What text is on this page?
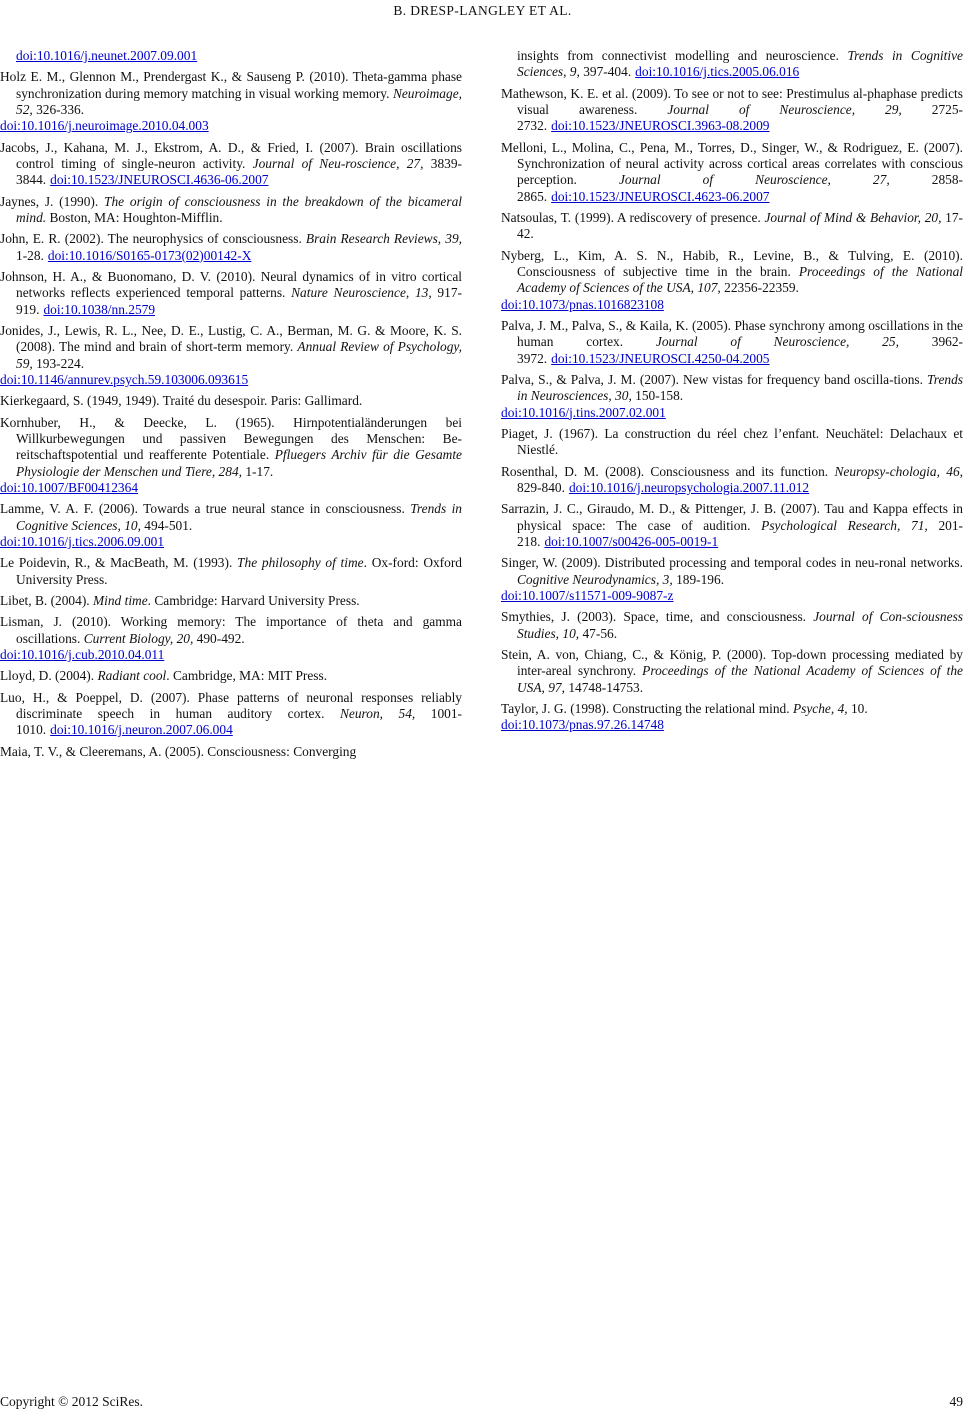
B. DRESP-LANGLEY ET AL.

doi:10.1016/j.neunet.2007.09.001

Holz E. M., Glennon M., Prendergast K., & Sauseng P. (2010). Theta-gamma phase synchronization during memory matching in visual working memory. Neuroimage, 52, 326-336.
doi:10.1016/j.neuroimage.2010.04.003

Jacobs, J., Kahana, M. J., Ekstrom, A. D., & Fried, I. (2007). Brain oscillations control timing of single-neuron activity. Journal of Neu-roscience, 27, 3839-3844. doi:10.1523/JNEUROSCI.4636-06.2007

Jaynes, J. (1990). The origin of consciousness in the breakdown of the bicameral mind. Boston, MA: Houghton-Mifflin.

John, E. R. (2002). The neurophysics of consciousness. Brain Research Reviews, 39, 1-28. doi:10.1016/S0165-0173(02)00142-X

Johnson, H. A., & Buonomano, D. V. (2010). Neural dynamics of in vitro cortical networks reflects experienced temporal patterns. Nature Neuroscience, 13, 917-919. doi:10.1038/nn.2579

Jonides, J., Lewis, R. L., Nee, D. E., Lustig, C. A., Berman, M. G. & Moore, K. S. (2008). The mind and brain of short-term memory. Annual Review of Psychology, 59, 193-224.
doi:10.1146/annurev.psych.59.103006.093615

Kierkegaard, S. (1949, 1949). Traité du desespoir. Paris: Gallimard.

Kornhuber, H., & Deecke, L. (1965). Hirnpotentialänderungen bei Willkurbewegungen und passiven Bewegungen des Menschen: Be-reitschaftspotential und reafferente Potentiale. Pfluegers Archiv für die Gesamte Physiologie der Menschen und Tiere, 284, 1-17.
doi:10.1007/BF00412364

Lamme, V. A. F. (2006). Towards a true neural stance in consciousness. Trends in Cognitive Sciences, 10, 494-501.
doi:10.1016/j.tics.2006.09.001

Le Poidevin, R., & MacBeath, M. (1993). The philosophy of time. Ox-ford: Oxford University Press.

Libet, B. (2004). Mind time. Cambridge: Harvard University Press.

Lisman, J. (2010). Working memory: The importance of theta and gamma oscillations. Current Biology, 20, 490-492.
doi:10.1016/j.cub.2010.04.011

Lloyd, D. (2004). Radiant cool. Cambridge, MA: MIT Press.

Luo, H., & Poeppel, D. (2007). Phase patterns of neuronal responses reliably discriminate speech in human auditory cortex. Neuron, 54, 1001-1010. doi:10.1016/j.neuron.2007.06.004

Maia, T. V., & Cleeremans, A. (2005). Consciousness: Converging

insights from connectivist modelling and neuroscience. Trends in Cognitive Sciences, 9, 397-404. doi:10.1016/j.tics.2005.06.016

Mathewson, K. E. et al. (2009). To see or not to see: Prestimulus al-phaphase predicts visual awareness. Journal of Neuroscience, 29, 2725-2732. doi:10.1523/JNEUROSCI.3963-08.2009

Melloni, L., Molina, C., Pena, M., Torres, D., Singer, W., & Rodriguez, E. (2007). Synchronization of neural activity across cortical areas correlates with conscious perception. Journal of Neuroscience, 27, 2858-2865. doi:10.1523/JNEUROSCI.4623-06.2007

Natsoulas, T. (1999). A rediscovery of presence. Journal of Mind & Behavior, 20, 17-42.

Nyberg, L., Kim, A. S. N., Habib, R., Levine, B., & Tulving, E. (2010). Consciousness of subjective time in the brain. Proceedings of the National Academy of Sciences of the USA, 107, 22356-22359.
doi:10.1073/pnas.1016823108

Palva, J. M., Palva, S., & Kaila, K. (2005). Phase synchrony among oscillations in the human cortex. Journal of Neuroscience, 25, 3962-3972. doi:10.1523/JNEUROSCI.4250-04.2005

Palva, S., & Palva, J. M. (2007). New vistas for frequency band oscilla-tions. Trends in Neurosciences, 30, 150-158.
doi:10.1016/j.tins.2007.02.001

Piaget, J. (1967). La construction du réel chez l’enfant. Neuchätel: Delachaux et Niestlé.

Rosenthal, D. M. (2008). Consciousness and its function. Neuropsy-chologia, 46, 829-840. doi:10.1016/j.neuropsychologia.2007.11.012

Sarrazin, J. C., Giraudo, M. D., & Pittenger, J. B. (2007). Tau and Kappa effects in physical space: The case of audition. Psychological Research, 71, 201-218. doi:10.1007/s00426-005-0019-1

Singer, W. (2009). Distributed processing and temporal codes in neu-ronal networks. Cognitive Neurodynamics, 3, 189-196.
doi:10.1007/s11571-009-9087-z

Smythies, J. (2003). Space, time, and consciousness. Journal of Con-sciousness Studies, 10, 47-56.

Stein, A. von, Chiang, C., & König, P. (2000). Top-down processing mediated by inter-areal synchrony. Proceedings of the National Academy of Sciences of the USA, 97, 14748-14753.

Taylor, J. G. (1998). Constructing the relational mind. Psyche, 4, 10.
doi:10.1073/pnas.97.26.14748

Copyright © 2012 SciRes.	49
